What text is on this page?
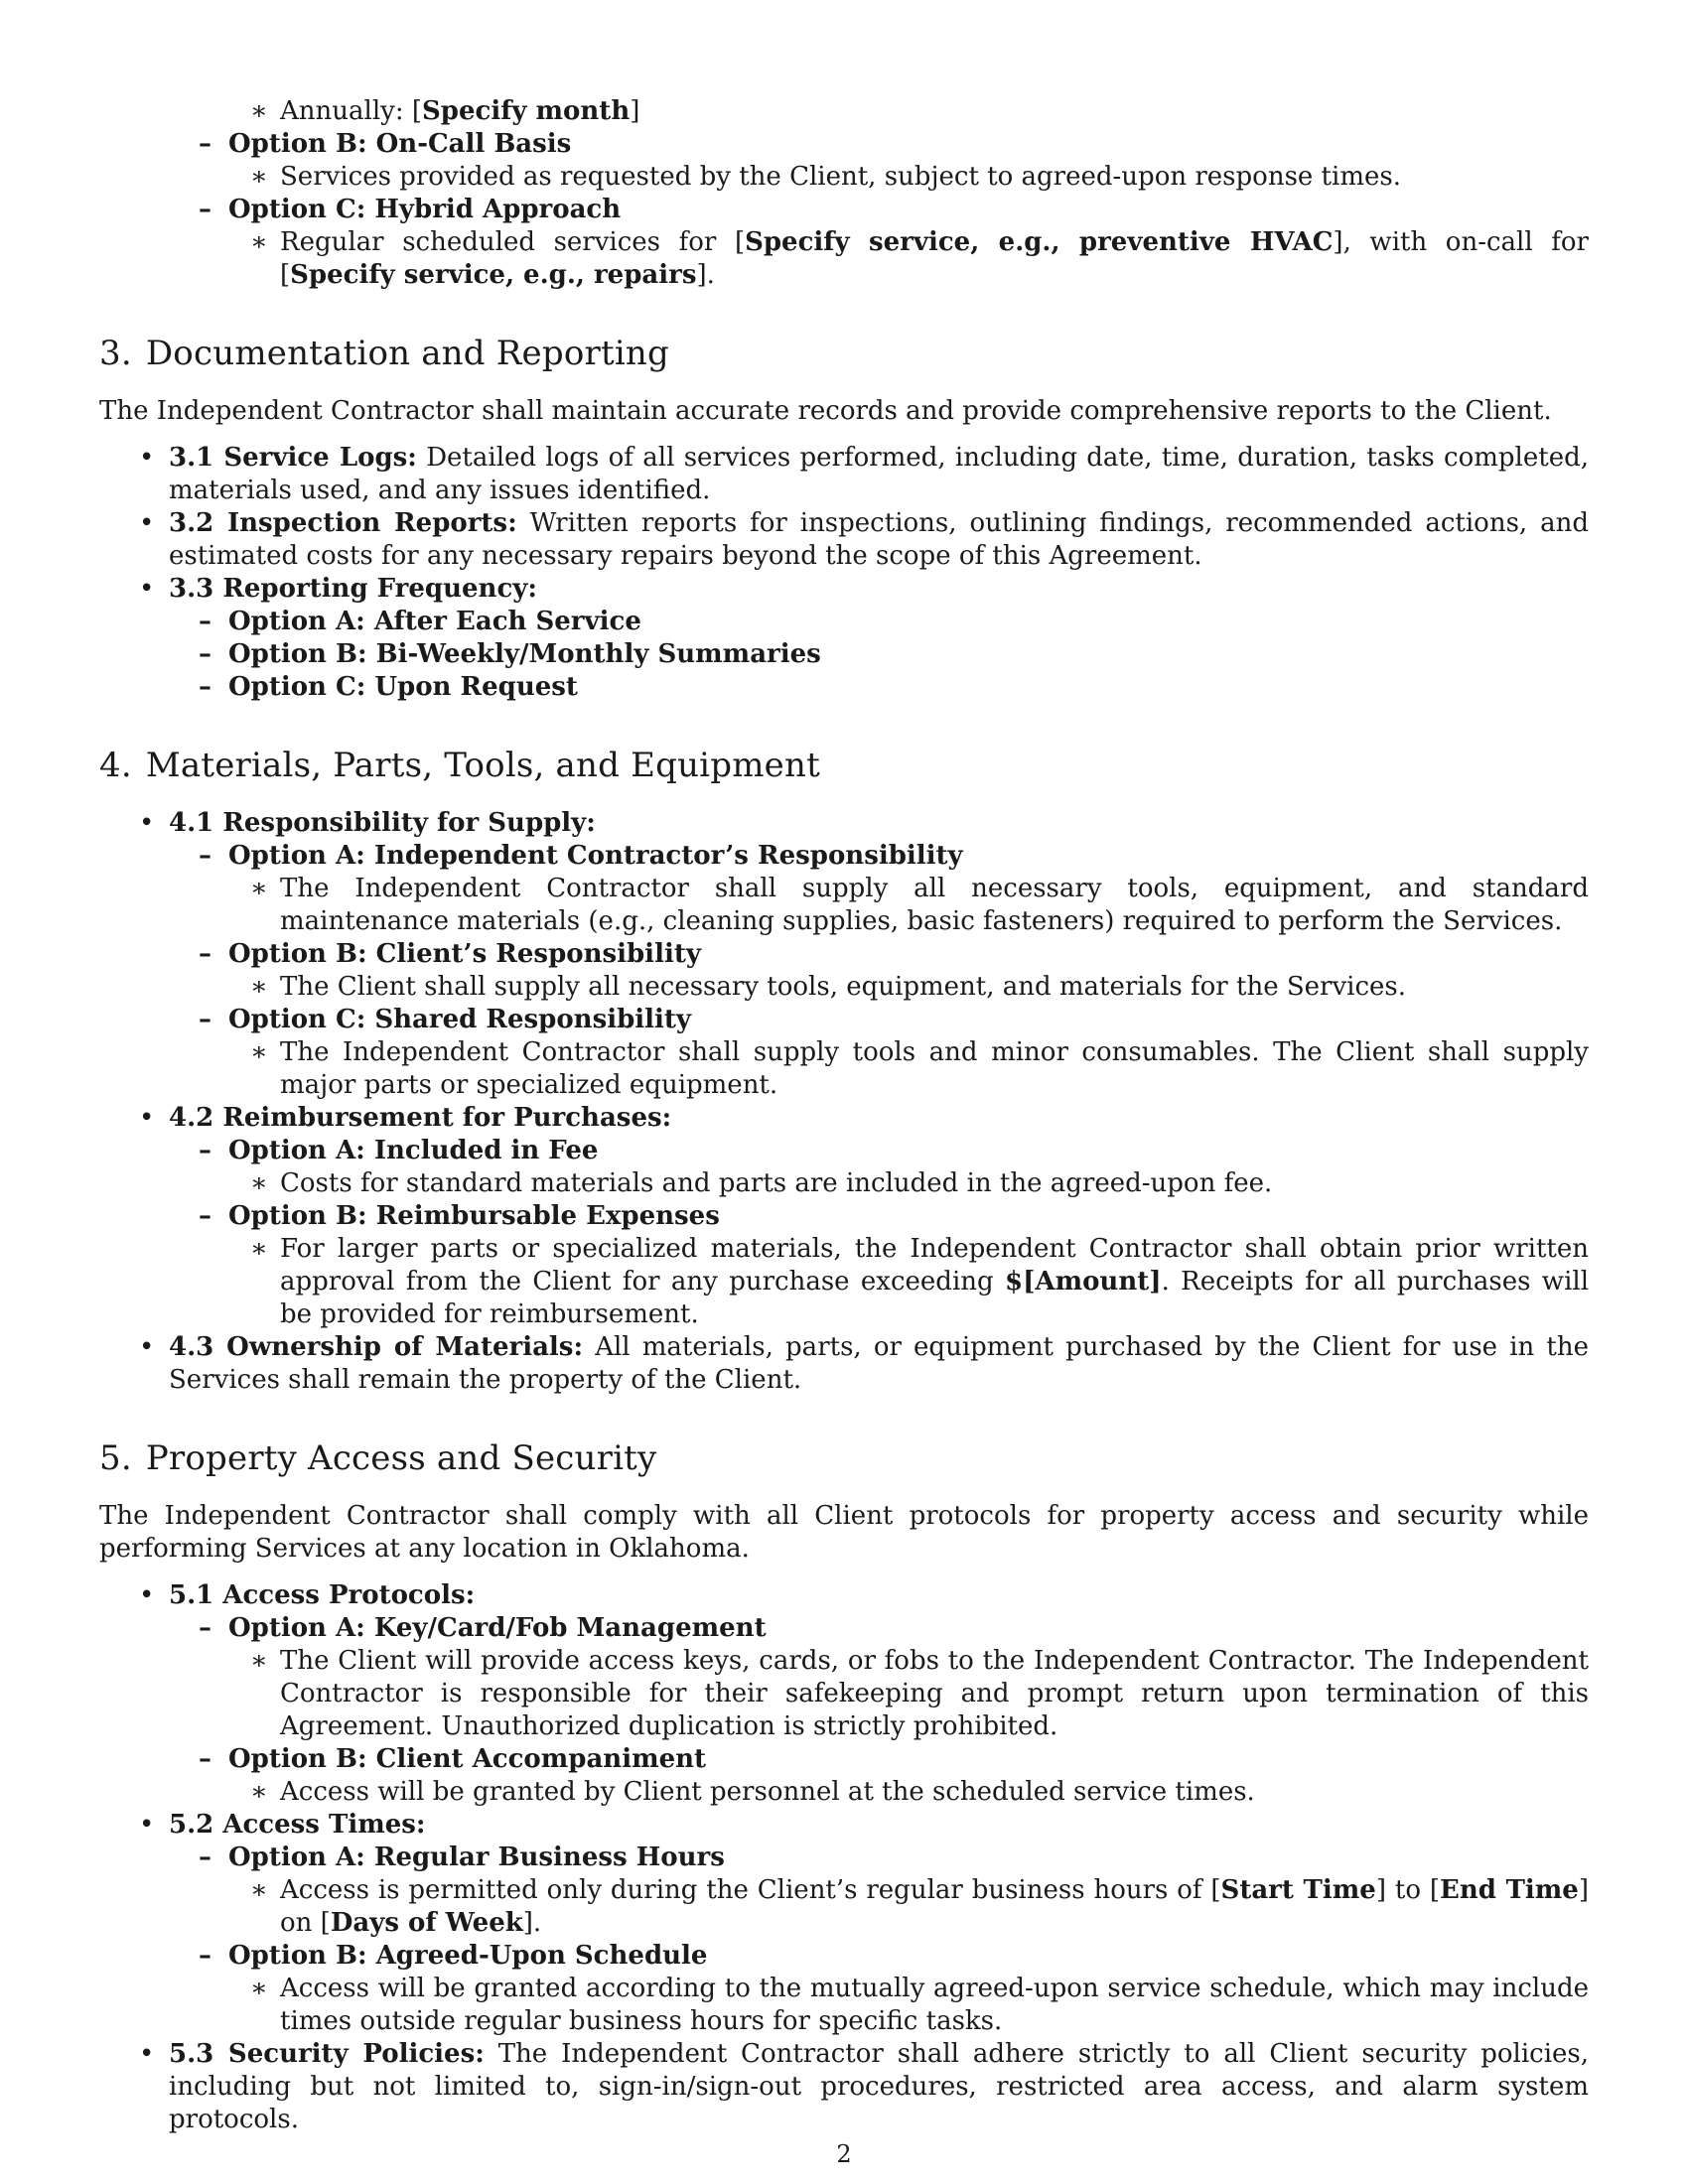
∗ Annually: [Specify month]
– Option B: On-Call Basis
∗ Services provided as requested by the Client, subject to agreed-upon response times.
– Option C: Hybrid Approach
∗ Regular scheduled services for [Specify service, e.g., preventive HVAC], with on-call for [Specify service, e.g., repairs].
3. Documentation and Reporting

The Independent Contractor shall maintain accurate records and provide comprehensive reports to the Client.

• 3.1 Service Logs: Detailed logs of all services performed, including date, time, duration, tasks completed, materials used, and any issues identified.
• 3.2 Inspection Reports: Written reports for inspections, outlining findings, recommended actions, and estimated costs for any necessary repairs beyond the scope of this Agreement.
• 3.3 Reporting Frequency:
– Option A: After Each Service
– Option B: Bi-Weekly/Monthly Summaries
– Option C: Upon Request
4. Materials, Parts, Tools, and Equipment
• 4.1 Responsibility for Supply:
– Option A: Independent Contractor’s Responsibility
∗ The Independent Contractor shall supply all necessary tools, equipment, and standard maintenance materials (e.g., cleaning supplies, basic fasteners) required to perform the Services.
– Option B: Client’s Responsibility
∗ The Client shall supply all necessary tools, equipment, and materials for the Services.
– Option C: Shared Responsibility
∗ The Independent Contractor shall supply tools and minor consumables. The Client shall supply major parts or specialized equipment.
• 4.2 Reimbursement for Purchases:
– Option A: Included in Fee
∗ Costs for standard materials and parts are included in the agreed-upon fee.
– Option B: Reimbursable Expenses
∗ For larger parts or specialized materials, the Independent Contractor shall obtain prior written approval from the Client for any purchase exceeding $[Amount]. Receipts for all purchases will be provided for reimbursement.
• 4.3 Ownership of Materials: All materials, parts, or equipment purchased by the Client for use in the Services shall remain the property of the Client.
5. Property Access and Security

The Independent Contractor shall comply with all Client protocols for property access and security while performing Services at any location in Oklahoma.

• 5.1 Access Protocols:
– Option A: Key/Card/Fob Management
∗ The Client will provide access keys, cards, or fobs to the Independent Contractor. The Independent Contractor is responsible for their safekeeping and prompt return upon termination of this Agreement. Unauthorized duplication is strictly prohibited.
– Option B: Client Accompaniment
∗ Access will be granted by Client personnel at the scheduled service times.
• 5.2 Access Times:
– Option A: Regular Business Hours
∗ Access is permitted only during the Client’s regular business hours of [Start Time] to [End Time] on [Days of Week].
– Option B: Agreed-Upon Schedule
∗ Access will be granted according to the mutually agreed-upon service schedule, which may include times outside regular business hours for specific tasks.
• 5.3 Security Policies: The Independent Contractor shall adhere strictly to all Client security policies, including but not limited to, sign-in/sign-out procedures, restricted area access, and alarm system protocols.
2
